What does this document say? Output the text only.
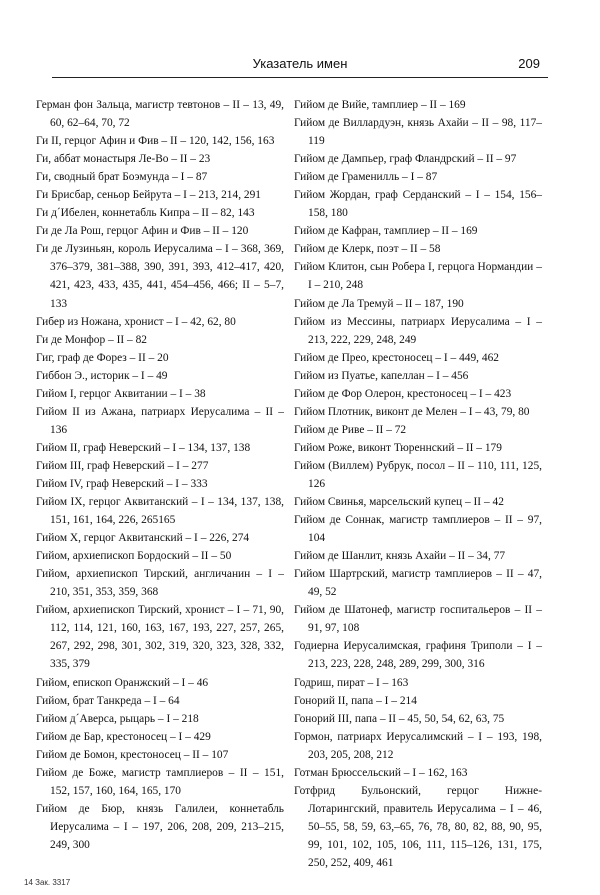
Указатель имен	209
Герман фон Зальца, магистр тевтонов – II – 13, 49, 60, 62–64, 70, 72
Ги II, герцог Афин и Фив – II – 120, 142, 156, 163
Ги, аббат монастыря Ле-Во – II – 23
Ги, сводный брат Боэмунда – I – 87
Ги Брисбар, сеньор Бейрута – I – 213, 214, 291
Ги д´Ибелен, коннетабль Кипра – II – 82, 143
Ги де Ла Рош, герцог Афин и Фив – II – 120
Ги де Лузиньян, король Иерусалима – I – 368, 369, 376–379, 381–388, 390, 391, 393, 412–417, 420, 421, 423, 433, 435, 441, 454–456, 466; II – 5–7, 133
Гибер из Ножана, хронист – I – 42, 62, 80
Ги де Монфор – II – 82
Гиг, граф де Форез – II – 20
Гиббон Э., историк – I – 49
Гийом I, герцог Аквитании – I – 38
Гийом II из Ажана, патриарх Иерусалима – II – 136
Гийом II, граф Неверский – I – 134, 137, 138
Гийом III, граф Неверский – I – 277
Гийом IV, граф Неверский – I – 333
Гийом IX, герцог Аквитанский – I – 134, 137, 138, 151, 161, 164, 226, 265165
Гийом X, герцог Аквитанский – I – 226, 274
Гийом, архиепископ Бордоский – II – 50
Гийом, архиепископ Тирский, англичанин – I – 210, 351, 353, 359, 368
Гийом, архиепископ Тирский, хронист – I – 71, 90, 112, 114, 121, 160, 163, 167, 193, 227, 257, 265, 267, 292, 298, 301, 302, 319, 320, 323, 328, 332, 335, 379
Гийом, епископ Оранжский – I – 46
Гийом, брат Танкреда – I – 64
Гийом д´Аверса, рыцарь – I – 218
Гийом де Бар, крестоносец – I – 429
Гийом де Бомон, крестоносец – II – 107
Гийом де Боже, магистр тамплиеров – II – 151, 152, 157, 160, 164, 165, 170
Гийом де Бюр, князь Галилеи, коннетабль Иерусалима – I – 197, 206, 208, 209, 213–215, 249, 300
Гийом де Вийе, тамплиер – II – 169
Гийом де Виллардуэн, князь Ахайи – II – 98, 117–119
Гийом де Дампьер, граф Фландрский – II – 97
Гийом де Граменилль – I – 87
Гийом Жордан, граф Серданский – I – 154, 156–158, 180
Гийом де Кафран, тамплиер – II – 169
Гийом де Клерк, поэт – II – 58
Гийом Клитон, сын Робера I, герцога Нормандии – I – 210, 248
Гийом де Ла Тремуй – II – 187, 190
Гийом из Мессины, патриарх Иерусалима – I – 213, 222, 229, 248, 249
Гийом де Прео, крестоносец – I – 449, 462
Гийом из Пуатье, капеллан – I – 456
Гийом де Фор Олерон, крестоносец – I – 423
Гийом Плотник, виконт де Мелен – I – 43, 79, 80
Гийом де Риве – II – 72
Гийом Роже, виконт Тюреннский – II – 179
Гийом (Виллем) Рубрук, посол – II – 110, 111, 125, 126
Гийом Свинья, марсельский купец – II – 42
Гийом де Соннак, магистр тамплиеров – II – 97, 104
Гийом де Шанлит, князь Ахайи – II – 34, 77
Гийом Шартрский, магистр тамплиеров – II – 47, 49, 52
Гийом де Шатонеф, магистр госпитальеров – II – 91, 97, 108
Годиерна Иерусалимская, графиня Триполи – I – 213, 223, 228, 248, 289, 299, 300, 316
Годриш, пират – I – 163
Гонорий II, папа – I – 214
Гонорий III, папа – II – 45, 50, 54, 62, 63, 75
Гормон, патриарх Иерусалимский – I – 193, 198, 203, 205, 208, 212
Готман Брюссельский – I – 162, 163
Готфрид Бульонский, герцог Нижне-Лотарингский, правитель Иерусалима – I – 46, 50–55, 58, 59, 63,–65, 76, 78, 80, 82, 88, 90, 95, 99, 101, 102, 105, 106, 111, 115–126, 131, 175, 250, 252, 409, 461
14 Зак. 3317
